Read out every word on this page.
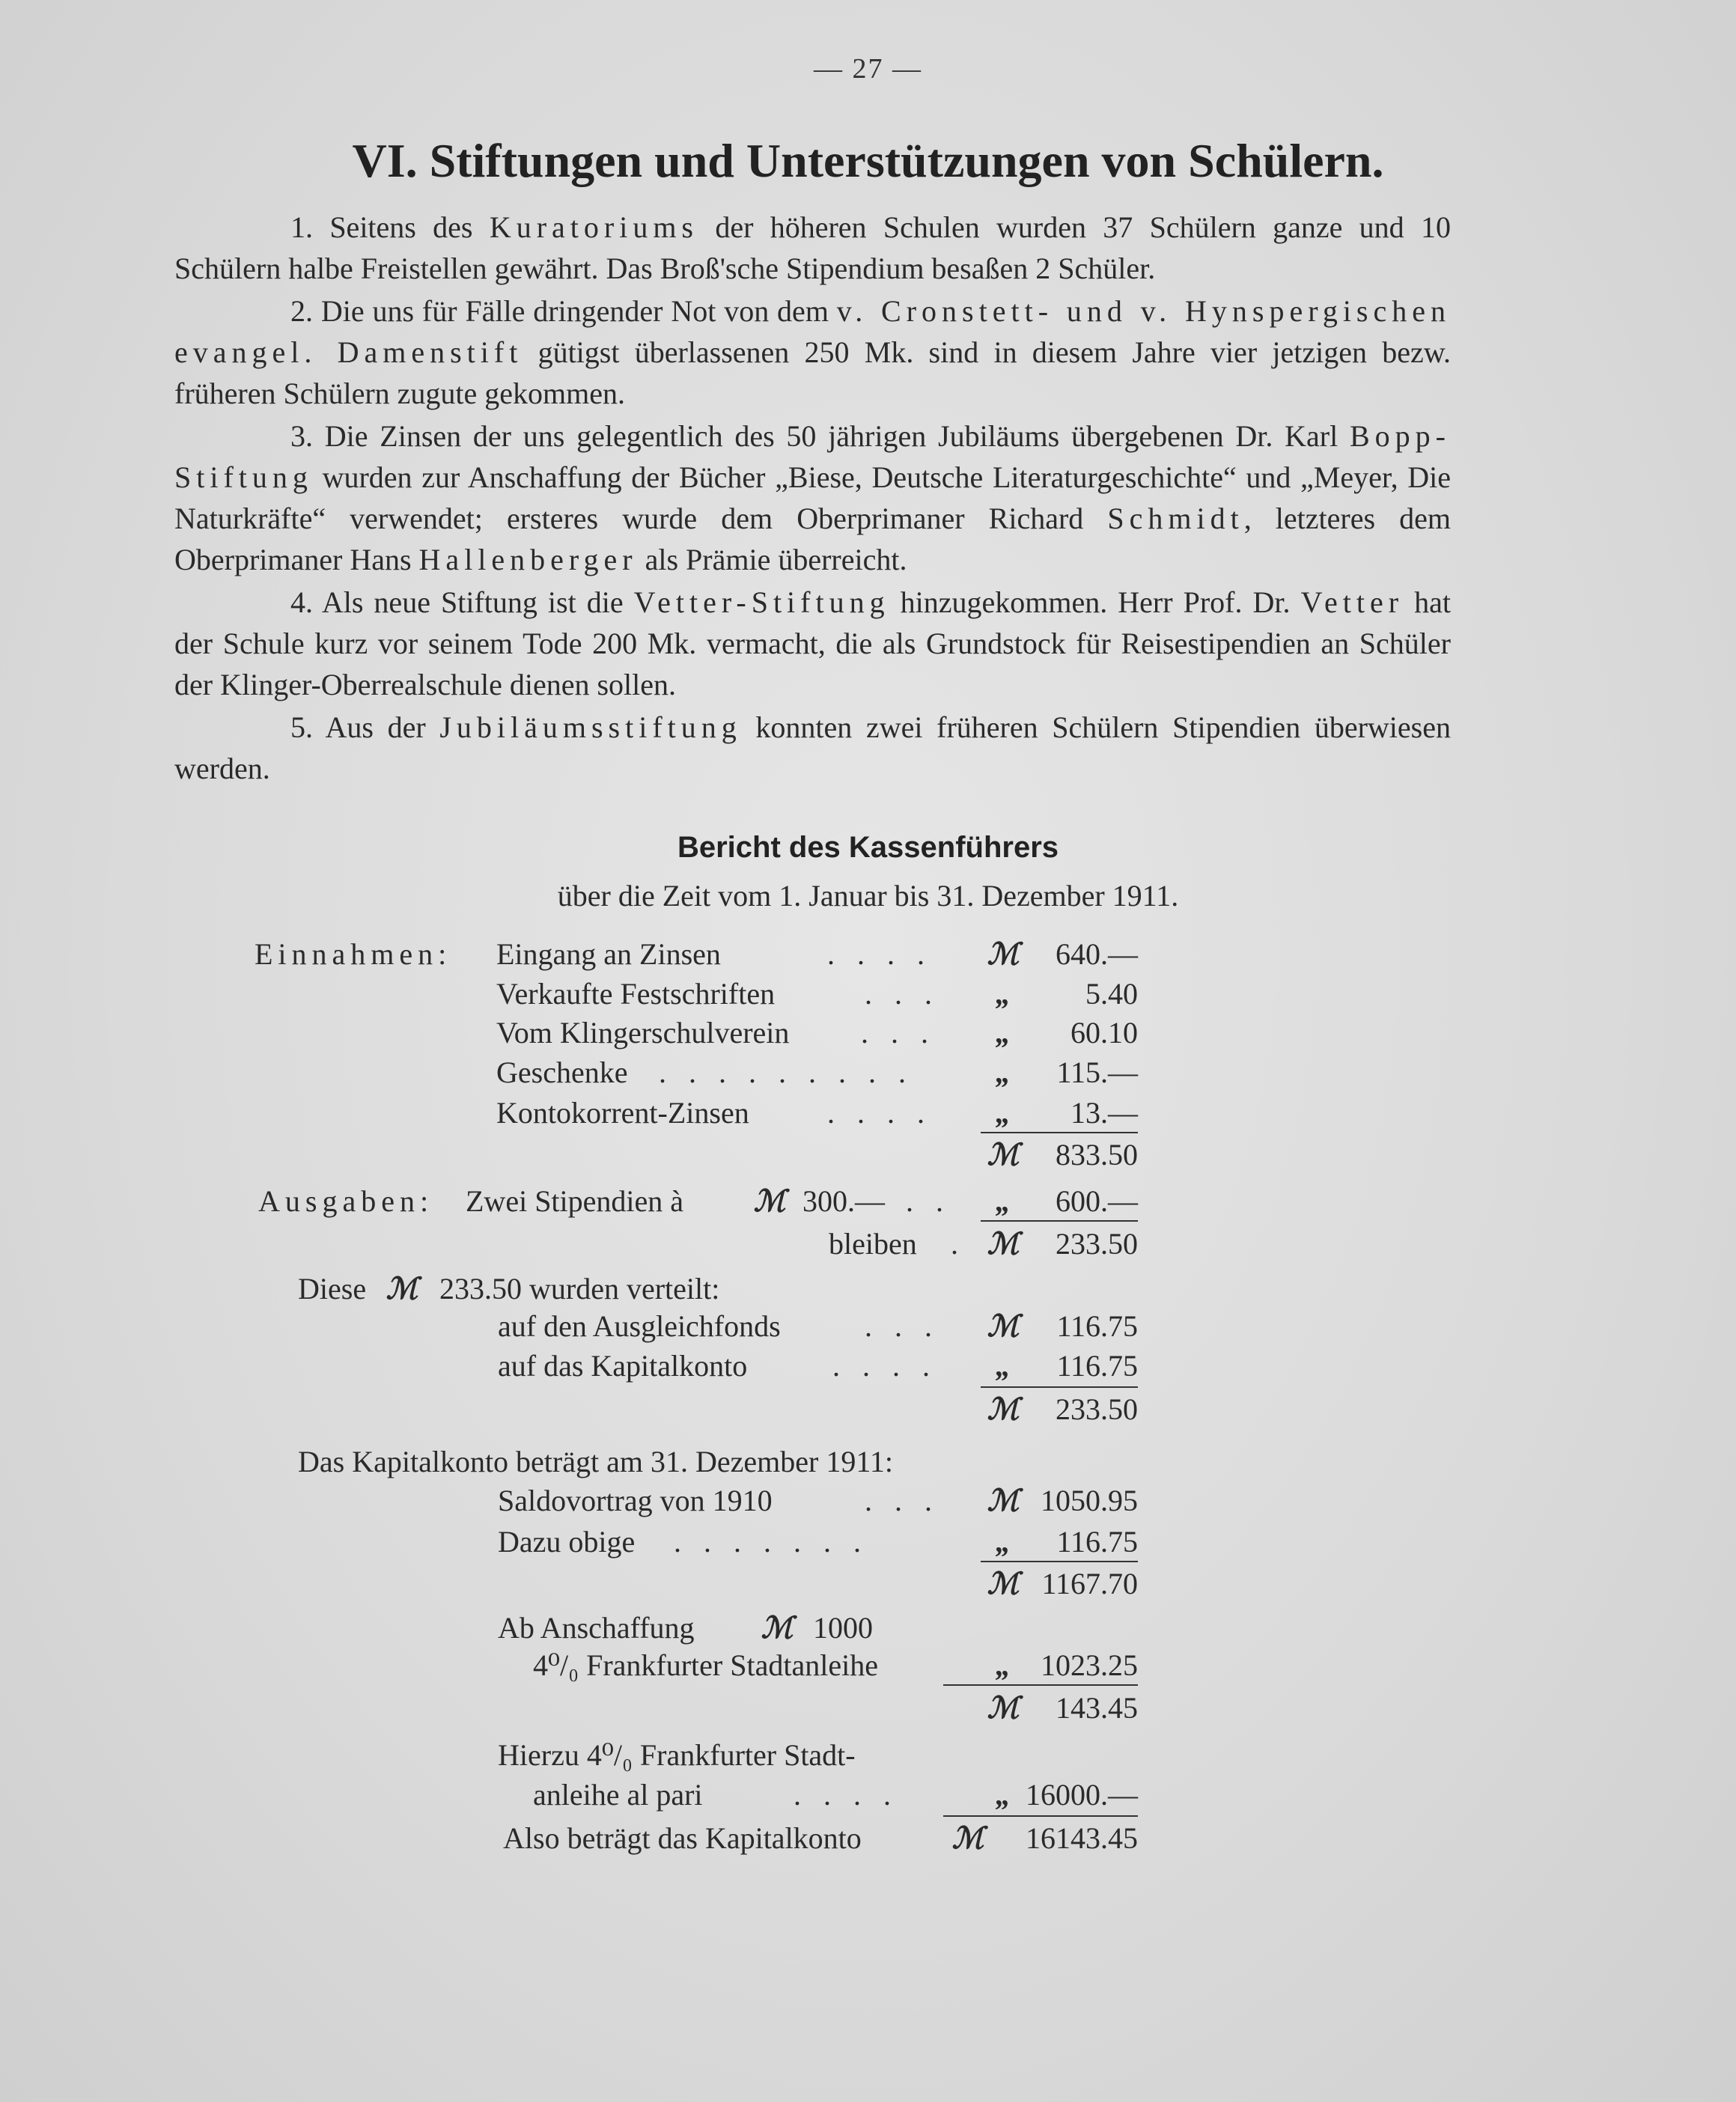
— 27 —
VI. Stiftungen und Unterstützungen von Schülern.

1. Seitens des Kuratoriums der höheren Schulen wurden 37 Schülern ganze und 10 Schülern halbe Freistellen gewährt. Das Broß'sche Stipendium besaßen 2 Schüler.

2. Die uns für Fälle dringender Not von dem v. Cronstett- und v. Hynspergischen evangel. Damenstift gütigst überlassenen 250 Mk. sind in diesem Jahre vier jetzigen bezw. früheren Schülern zugute gekommen.

3. Die Zinsen der uns gelegentlich des 50 jährigen Jubiläums übergebenen Dr. Karl Bopp-Stiftung wurden zur Anschaffung der Bücher „Biese, Deutsche Literaturgeschichte“ und „Meyer, Die Naturkräfte“ verwendet; ersteres wurde dem Oberprimaner Richard Schmidt, letzteres dem Oberprimaner Hans Hallenberger als Prämie überreicht.

4. Als neue Stiftung ist die Vetter-Stiftung hinzugekommen. Herr Prof. Dr. Vetter hat der Schule kurz vor seinem Tode 200 Mk. vermacht, die als Grundstock für Reisestipendien an Schüler der Klinger-Oberrealschule dienen sollen.

5. Aus der Jubiläumsstiftung konnten zwei früheren Schülern Stipendien überwiesen werden.

Bericht des Kassenführers
über die Zeit vom 1. Januar bis 31. Dezember 1911.
Einnahmen: Eingang an Zinsen	. . . . ℳ	640.—
Verkaufte Festschriften	. . .	„	5.40
Vom Klingerschulverein . . .	„	60.10
Geschenke . . . . . . . . .	„	115.—
Kontokorrent-Zinsen	. . . .	„	13.—
ℳ	833.50
Ausgaben: Zwei Stipendien à ℳ 300.— . .	„	600.—
bleiben . ℳ	233.50
Diese ℳ 233.50 wurden verteilt:
auf den Ausgleichfonds	. . . ℳ	116.75
auf das Kapitalkonto	. . . .	„	116.75
ℳ	233.50
Das Kapitalkonto beträgt am 31. Dezember 1911:
Saldovortrag von 1910	. . . ℳ 1050.95
Dazu obige . . . . . . .	„	116.75
ℳ 1167.70
Ab Anschaffung ℳ 1000
4⁰/₀ Frankfurter Stadtanleihe	„	1023.25
ℳ	143.45
Hierzu 4⁰/₀ Frankfurter Stadt-
anleihe al pari	. . . .	„ 16000.—
Also beträgt das Kapitalkonto	ℳ	16143.45
